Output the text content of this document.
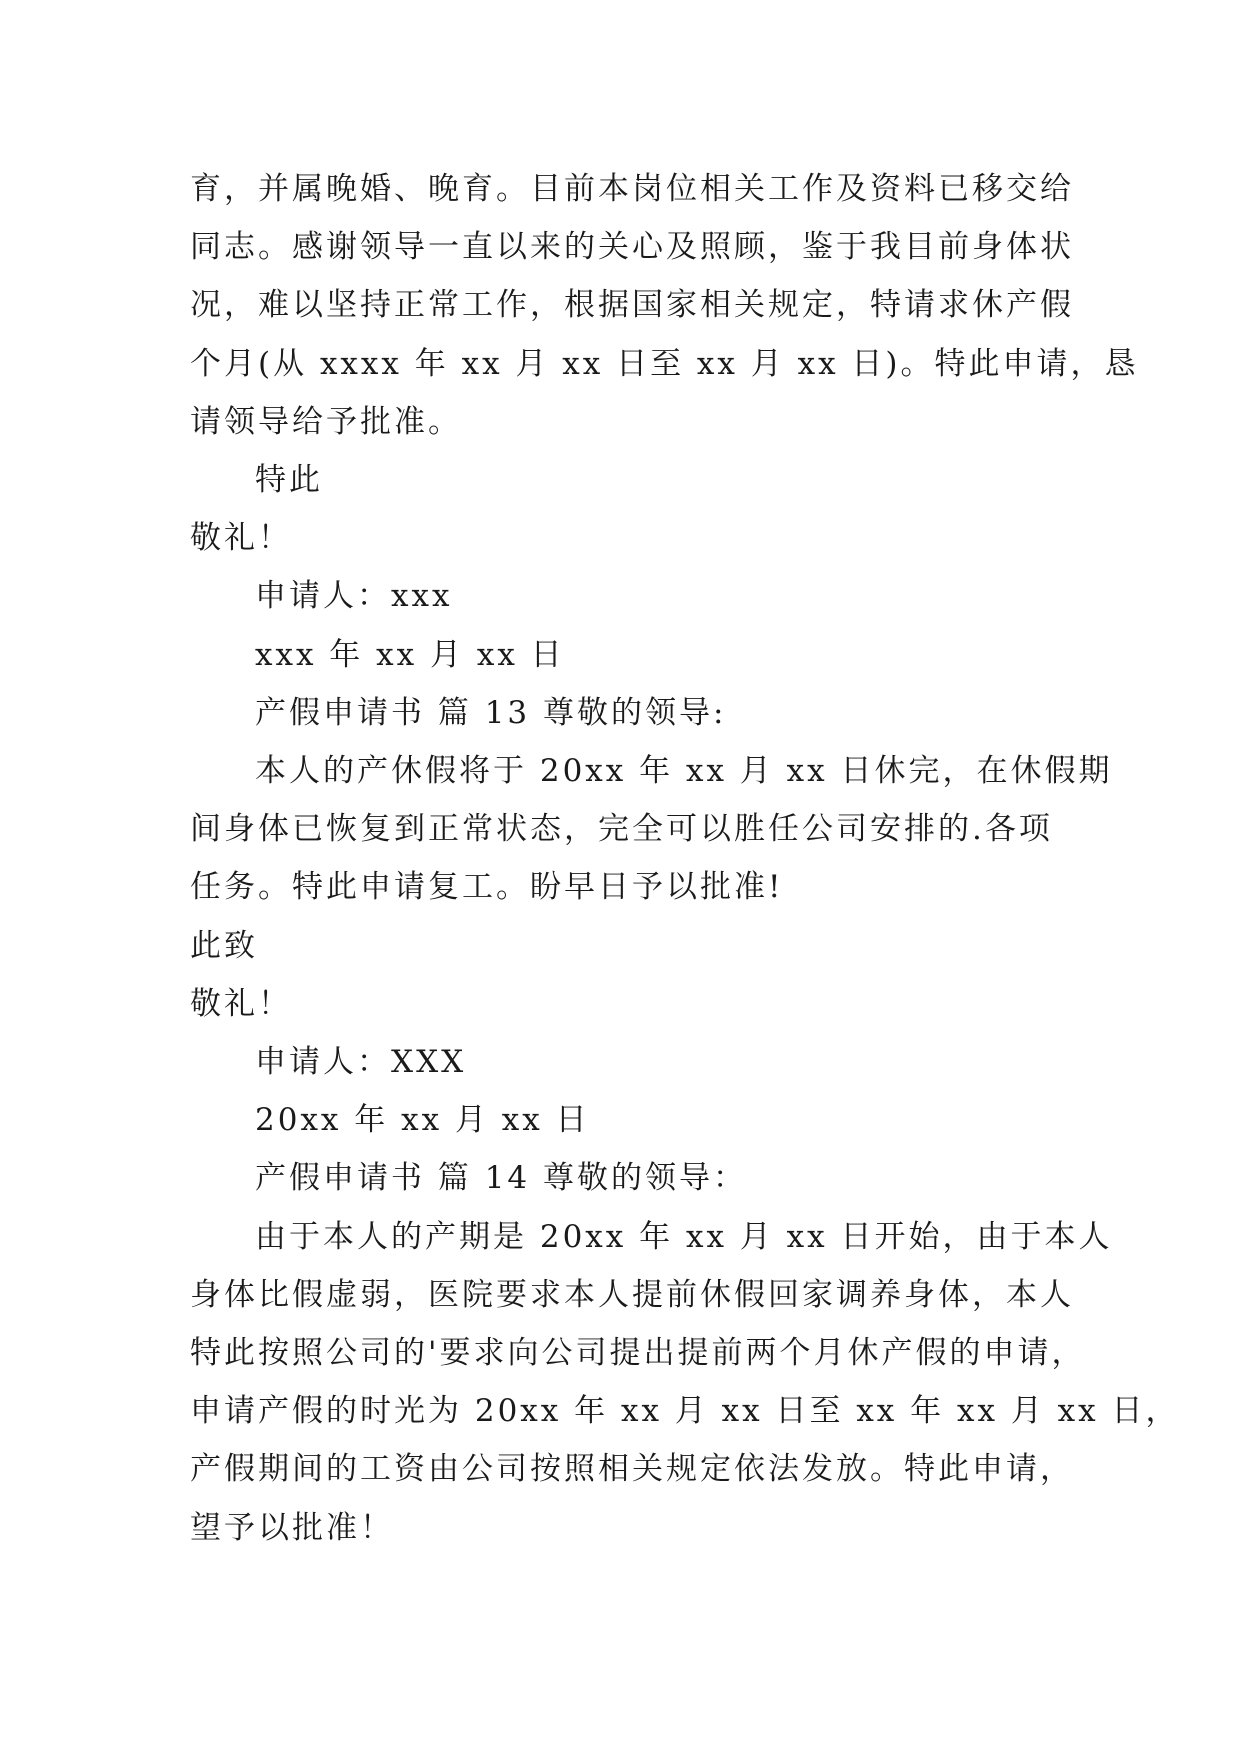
育，并属晚婚、晚育。目前本岗位相关工作及资料已移交给

同志。感谢领导一直以来的关心及照顾，鉴于我目前身体状

况，难以坚持正常工作，根据国家相关规定，特请求休产假

个月(从 xxxx 年 xx 月 xx 日至 xx 月 xx 日)。特此申请，恳

请领导给予批准。

特此

敬礼！

申请人：xxx

xxx 年 xx 月 xx 日

产假申请书 篇 13 尊敬的领导:

本人的产休假将于 20xx 年 xx 月 xx 日休完，在休假期

间身体已恢复到正常状态，完全可以胜任公司安排的.各项

任务。特此申请复工。盼早日予以批准!

此致

敬礼！

申请人：XXX

20xx 年 xx 月 xx 日

产假申请书 篇 14 尊敬的领导：

由于本人的产期是 20xx 年 xx 月 xx 日开始，由于本人

身体比假虚弱，医院要求本人提前休假回家调养身体，本人

特此按照公司的'要求向公司提出提前两个月休产假的申请，

申请产假的时光为 20xx 年 xx 月 xx 日至 xx 年 xx 月 xx 日，

产假期间的工资由公司按照相关规定依法发放。特此申请，

望予以批准！
